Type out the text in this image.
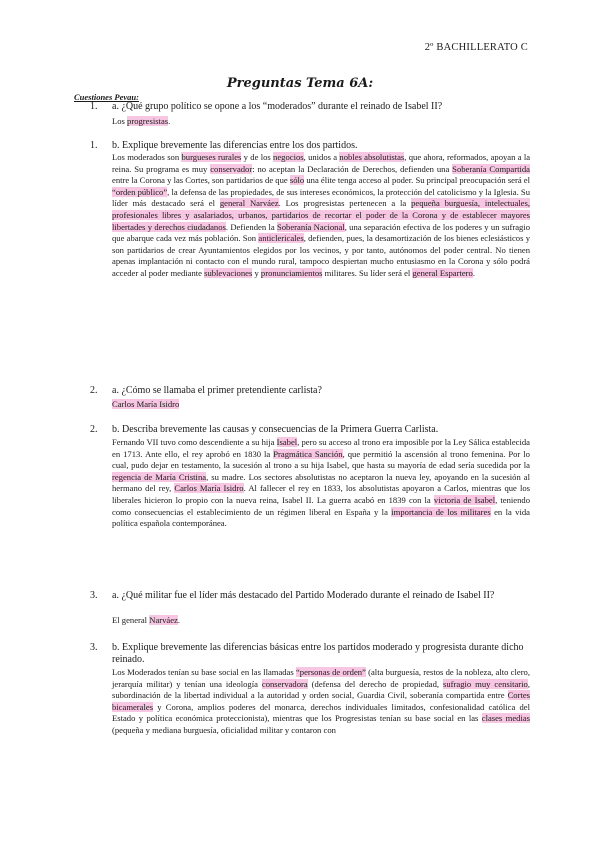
2º BACHILLERATO C
Preguntas Tema 6A:
Cuestiones Pevau:
1. a. ¿Qué grupo político se opone a los “moderados” durante el reinado de Isabel II?
Los progresistas.
1. b. Explique brevemente las diferencias entre los dos partidos.
Los moderados son burgueses rurales y de los negocios, unidos a nobles absolutistas, que ahora, reformados, apoyan a la reina. Su programa es muy conservador: no aceptan la Declaración de Derechos, defienden una Soberanía Compartida entre la Corona y las Cortes, son partidarios de que sólo una élite tenga acceso al poder. Su principal preocupación será el “orden público”, la defensa de las propiedades, de sus intereses económicos, la protección del catolicismo y la Iglesia. Su líder más destacado será el general Narváez. Los progresistas pertenecen a la pequeña burguesía, intelectuales, profesionales libres y asalariados, urbanos, partidarios de recortar el poder de la Corona y de establecer mayores libertades y derechos ciudadanos. Defienden la Soberanía Nacional, una separación efectiva de los poderes y un sufragio que abarque cada vez más población. Son anticlericales, defienden, pues, la desamortización de los bienes eclesiásticos y son partidarios de crear Ayuntamientos elegidos por los vecinos, y por tanto, autónomos del poder central. No tienen apenas implantación ni contacto con el mundo rural, tampoco despiertan mucho entusiasmo en la Corona y sólo podrá acceder al poder mediante sublevaciones y pronunciamientos militares. Su líder será el general Espartero.
2. a. ¿Cómo se llamaba el primer pretendiente carlista?
Carlos María Isidro
2. b. Describa brevemente las causas y consecuencias de la Primera Guerra Carlista.
Fernando VII tuvo como descendiente a su hija Isabel, pero su acceso al trono era imposible por la Ley Sálica establecida en 1713. Ante ello, el rey aprobó en 1830 la Pragmática Sanción, que permitió la ascensión al trono femenina. Por lo cual, pudo dejar en testamento, la sucesión al trono a su hija Isabel, que hasta su mayoría de edad sería sucedida por la regencia de María Cristina, su madre. Los sectores absolutistas no aceptaron la nueva ley, apoyando en la sucesión al hermano del rey, Carlos María Isidro. Al fallecer el rey en 1833, los absolutistas apoyaron a Carlos, mientras que los liberales hicieron lo propio con la nueva reina, Isabel II. La guerra acabó en 1839 con la victoria de Isabel, teniendo como consecuencias el establecimiento de un régimen liberal en España y la importancia de los militares en la vida política española contemporánea.
3. a. ¿Qué militar fue el líder más destacado del Partido Moderado durante el reinado de Isabel II?
El general Narváez.
3. b. Explique brevemente las diferencias básicas entre los partidos moderado y progresista durante dicho reinado.
Los Moderados tenían su base social en las llamadas “personas de orden” (alta burguesía, restos de la nobleza, alto clero, jerarquía militar) y tenían una ideología conservadora (defensa del derecho de propiedad, sufragio muy censitario, subordinación de la libertad individual a la autoridad y orden social, Guardia Civil, soberanía compartida entre Cortes bicamerales y Corona, amplios poderes del monarca, derechos individuales limitados, confesionalidad católica del Estado y política económica proteccionista), mientras que los Progresistas tenían su base social en las clases medias (pequeña y mediana burguesía, oficialidad militar y contaron con
